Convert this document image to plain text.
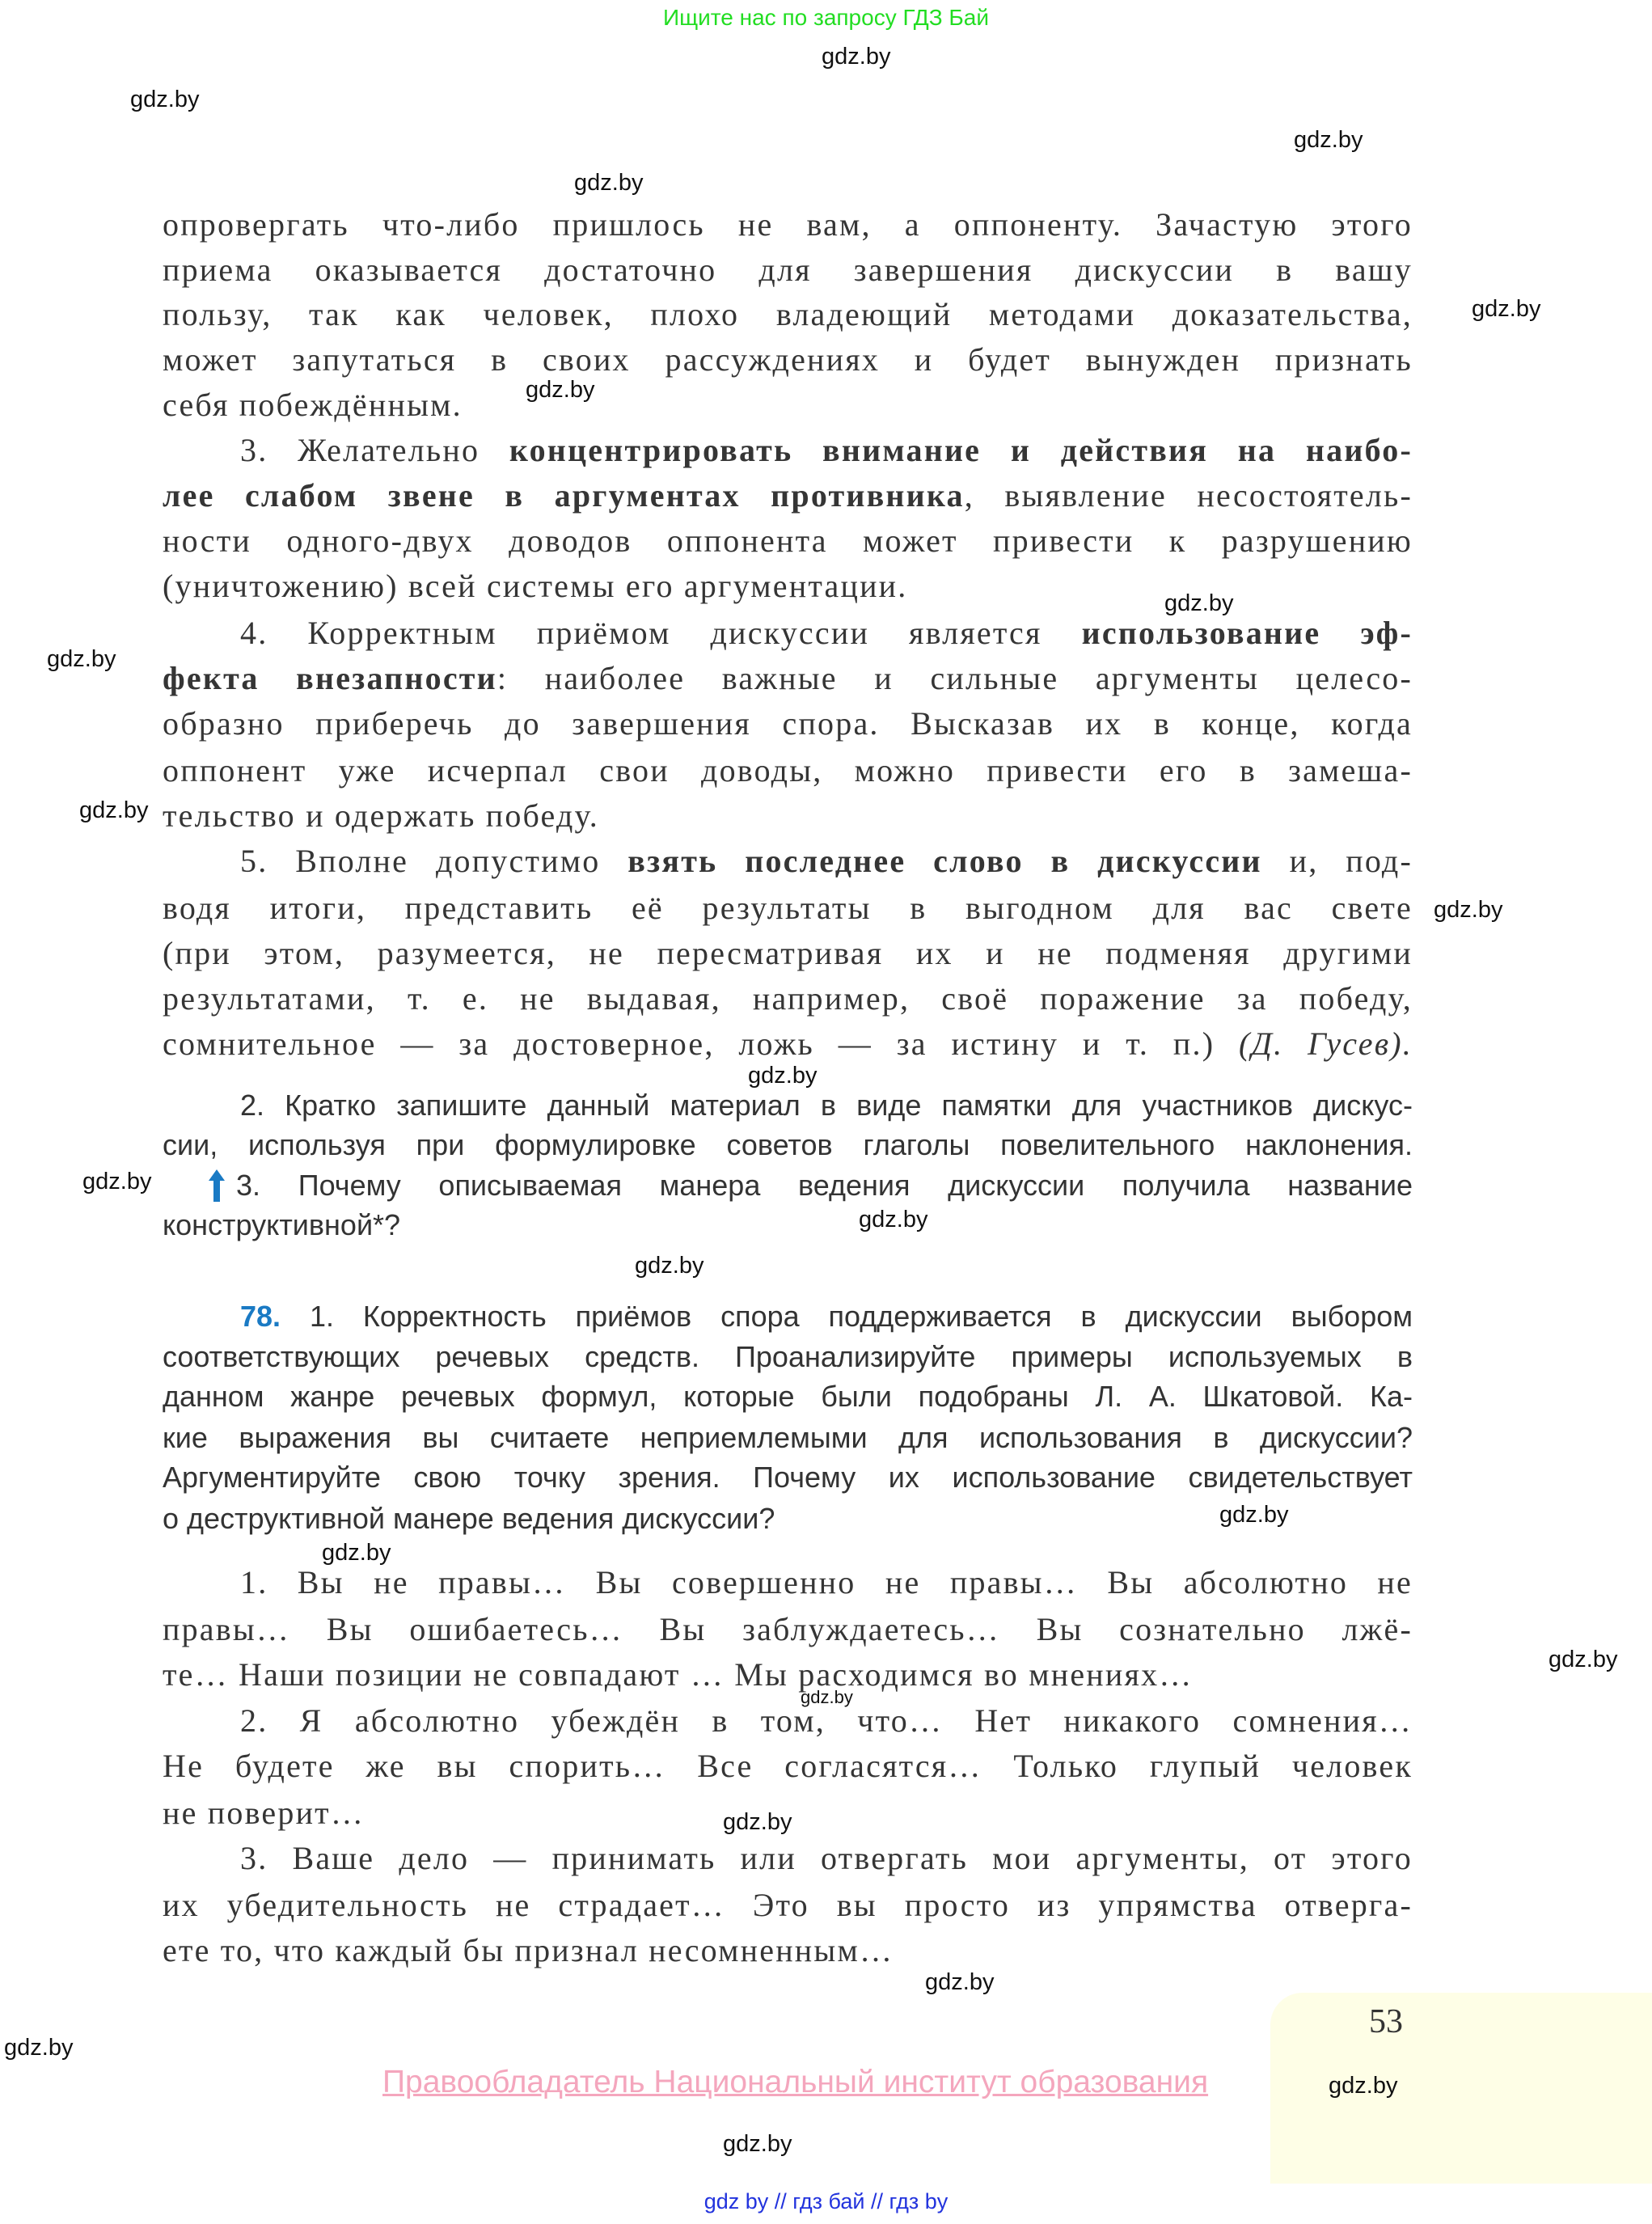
Ищите нас по запросу ГДЗ Бай
53
опровергать что-либо пришлось не вам, а оппоненту. Зачастую этого
приема оказывается достаточно для завершения дискуссии в вашу
пользу, так как человек, плохо владеющий методами доказательства,
может запутаться в своих рассуждениях и будет вынужден признать
себя побеждённым.
3. Желательно концентрировать внимание и действия на наибо-
лее слабом звене в аргументах противника, выявление несостоятель-
ности одного-двух доводов оппонента может привести к разрушению
(уничтожению) всей системы его аргументации.
4. Корректным приёмом дискуссии является использование эф-
фекта внезапности: наиболее важные и сильные аргументы целесо-
образно приберечь до завершения спора. Высказав их в конце, когда
оппонент уже исчерпал свои доводы, можно привести его в замеша-
тельство и одержать победу.
5. Вполне допустимо взять последнее слово в дискуссии и, под-
водя итоги, представить её результаты в выгодном для вас свете
(при этом, разумеется, не пересматривая их и не подменяя другими
результатами, т. е. не выдавая, например, своё поражение за победу,
сомнительное — за достоверное, ложь — за истину и т. п.) (Д. Гусев).
2. Кратко запишите данный материал в виде памятки для участников дискус-
сии, используя при формулировке советов глаголы повелительного наклонения.
3. Почему описываемая манера ведения дискуссии получила название
конструктивной*?
78. 1. Корректность приёмов спора поддерживается в дискуссии выбором
соответствующих речевых средств. Проанализируйте примеры используемых в
данном жанре речевых формул, которые были подобраны Л. А. Шкатовой. Ка-
кие выражения вы считаете неприемлемыми для использования в дискуссии?
Аргументируйте свою точку зрения. Почему их использование свидетельствует
о деструктивной манере ведения дискуссии?
1. Вы не правы… Вы совершенно не правы… Вы абсолютно не
правы… Вы ошибаетесь… Вы заблуждаетесь… Вы сознательно лжё-
те… Наши позиции не совпадают … Мы расходимся во мнениях…
2. Я абсолютно убеждён в том, что… Нет никакого сомнения…
Не будете же вы спорить… Все согласятся… Только глупый человек
не поверит…
3. Ваше дело — принимать или отвергать мои аргументы, от этого
их убедительность не страдает… Это вы просто из упрямства отверга-
ете то, что каждый бы признал несомненным…
gdz.by
gdz.by
gdz.by
gdz.by
gdz.by
gdz.by
gdz.by
gdz.by
gdz.by
gdz.by
gdz.by
gdz.by
gdz.by
gdz.by
gdz.by
gdz.by
gdz.by
gdz.by
gdz.by
gdz.by
gdz.by
gdz.by
gdz.by
Правообладатель Национальный институт образования
gdz by // гдз бай // гдз by
